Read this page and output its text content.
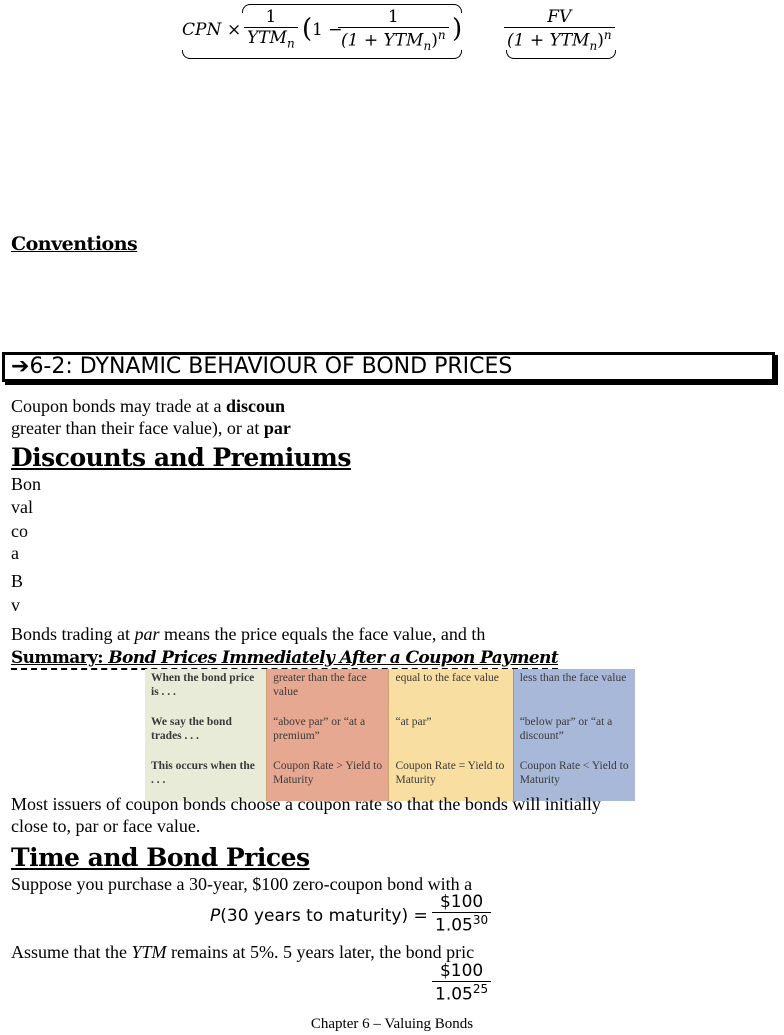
CPN ×
1
$YTM_n$ ( 1 −
1
$(1 + YTM_n)^n$ )	FV
$(1 + YTM_n)^n$
Conventions
➔6-2: DYNAMIC BEHAVIOUR OF BOND PRICES
Coupon bonds may trade at a discoun
greater than their face value), or at par
Discounts and Premiums
Bon
val
co
a
B
v
Bonds trading at par means the price equals the face value, and th
Summary: Bond Prices Immediately After a Coupon Payment
When the bond price is . . .	greater than the face value	equal to the face value	less than the face value
We say the bond trades . . .	“above par” or “at a premium”	“at par”	“below par” or “at a discount”
This occurs when the . . .	Coupon Rate > Yield to Maturity	Coupon Rate = Yield to Maturity	Coupon Rate < Yield to Maturity
Most issuers of coupon bonds choose a coupon rate so that the bonds will initially
close to, par or face value.
Time and Bond Prices
Suppose you purchase a 30-year, $100 zero-coupon bond with a
P(30 years to maturity) = $\frac{\$100}{1.05^{30}}$
Assume that the YTM remains at 5%. 5 years later, the bond pric
$\frac{\$100}{1.05^{25}}$
Chapter 6 – Valuing Bonds
